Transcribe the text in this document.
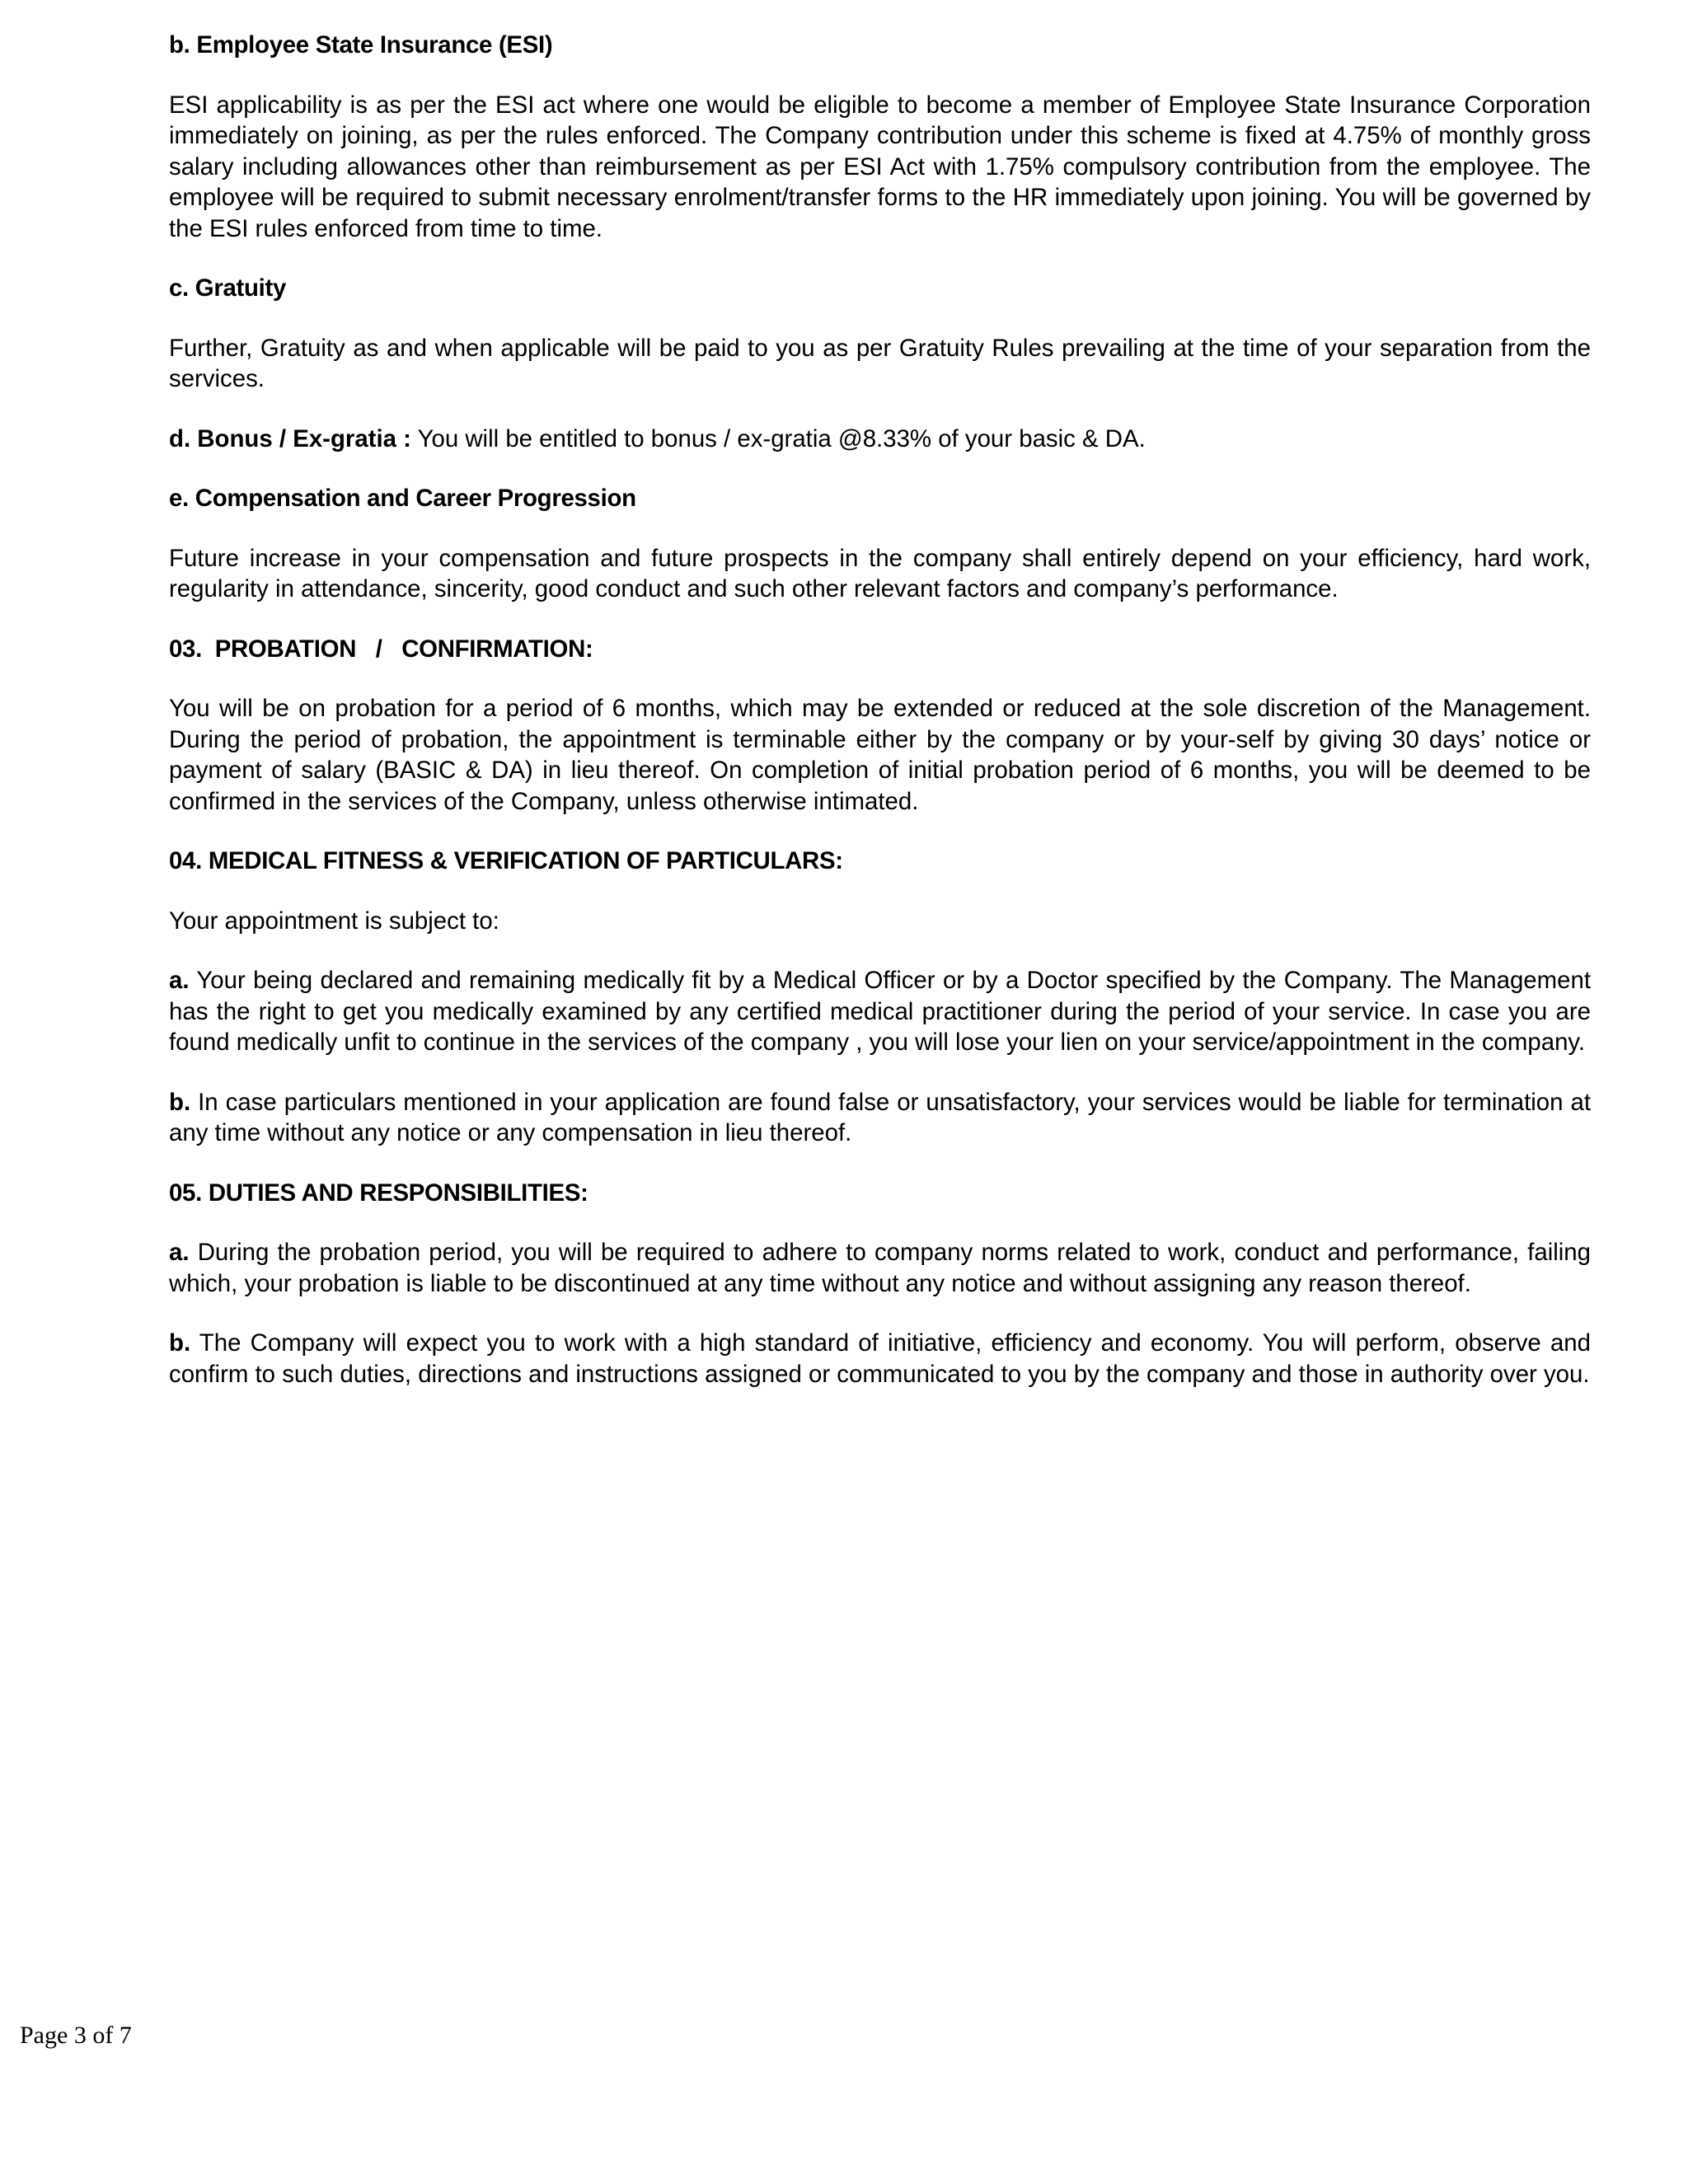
b. Employee State Insurance (ESI)

ESI applicability is as per the ESI act where one would be eligible to become a member of Employee State Insurance Corporation immediately on joining, as per the rules enforced. The Company contribution under this scheme is fixed at 4.75% of monthly gross salary including allowances other than reimbursement as per ESI Act with 1.75% compulsory contribution from the employee. The employee will be required to submit necessary enrolment/transfer forms to the HR immediately upon joining. You will be governed by the ESI rules enforced from time to time.

c. Gratuity

Further, Gratuity as and when applicable will be paid to you as per Gratuity Rules prevailing at the time of your separation from the services.

d. Bonus / Ex-gratia : You will be entitled to bonus / ex-gratia @8.33% of your basic & DA.

e. Compensation and Career Progression

Future increase in your compensation and future prospects in the company shall entirely depend on your efficiency, hard work, regularity in attendance, sincerity, good conduct and such other relevant factors and company’s performance.

03.  PROBATION   /   CONFIRMATION:

You will be on probation for a period of 6 months, which may be extended or reduced at the sole discretion of the Management. During the period of probation, the appointment is terminable either by the company or by your-self by giving 30 days’ notice or payment of salary (BASIC & DA) in lieu thereof. On completion of initial probation period of 6 months, you will be deemed to be confirmed in the services of the Company, unless otherwise intimated.

04. MEDICAL FITNESS & VERIFICATION OF PARTICULARS:

Your appointment is subject to:

a. Your being declared and remaining medically fit by a Medical Officer or by a Doctor specified by the Company. The Management has the right to get you medically examined by any certified medical practitioner during the period of your service. In case you are found medically unfit to continue in the services of the company , you will lose your lien on your service/appointment in the company.

b. In case particulars mentioned in your application are found false or unsatisfactory, your services would be liable for termination at any time without any notice or any compensation in lieu thereof.

05. DUTIES AND RESPONSIBILITIES:

a. During the probation period, you will be required to adhere to company norms related to work, conduct and performance, failing which, your probation is liable to be discontinued at any time without any notice and without assigning any reason thereof.

b. The Company will expect you to work with a high standard of initiative, efficiency and economy. You will perform, observe and confirm to such duties, directions and instructions assigned or communicated to you by the company and those in authority over you.

Page 3 of 7
